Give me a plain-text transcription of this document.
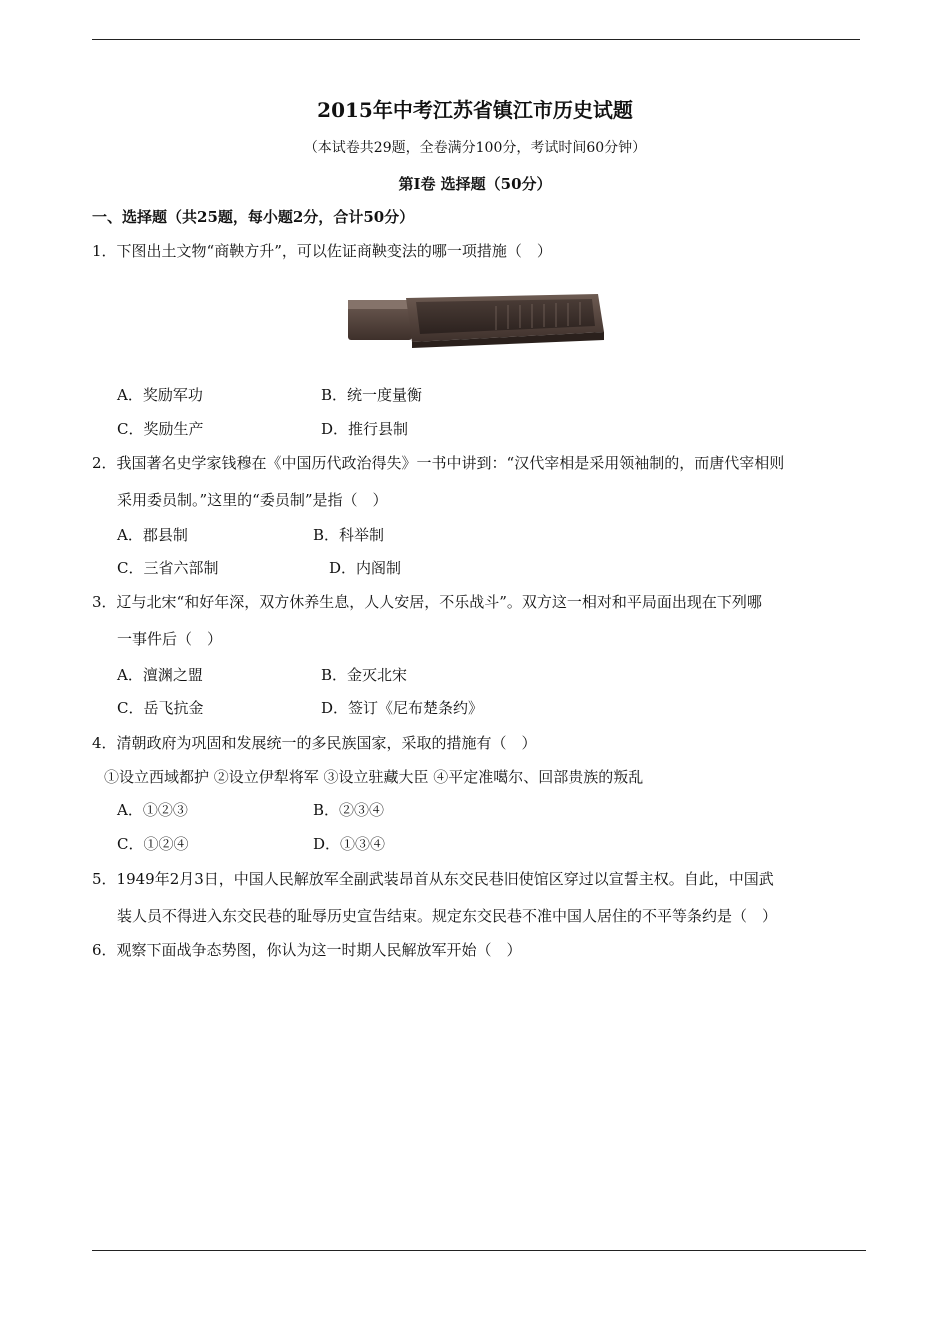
2015年中考江苏省镇江市历史试题
（本试卷共29题，全卷满分100分，考试时间60分钟）
第I卷 选择题（50分）
一、选择题（共25题，每小题2分，合计50分）
1．下图出土文物“商鞅方升”，可以佐证商鞅变法的哪一项措施（　）
A．奖励军功	B．统一度量衡
C．奖励生产	D．推行县制
2．我国著名史学家钱穆在《中国历代政治得失》一书中讲到：“汉代宰相是采用领袖制的，而唐代宰相则
采用委员制。”这里的“委员制”是指（　）
A．郡县制	B．科举制
C．三省六部制	D．内阁制
3．辽与北宋“和好年深，双方休养生息，人人安居，不乐战斗”。双方这一相对和平局面出现在下列哪
一事件后（　）
A．澶渊之盟	B．金灭北宋
C．岳飞抗金	D．签订《尼布楚条约》
4．清朝政府为巩固和发展统一的多民族国家，采取的措施有（　）
①设立西域都护 ②设立伊犁将军 ③设立驻藏大臣 ④平定准噶尔、回部贵族的叛乱
A．①②③	B．②③④
C．①②④	D．①③④
5．1949年2月3日，中国人民解放军全副武装昂首从东交民巷旧使馆区穿过以宣誓主权。自此，中国武
装人员不得进入东交民巷的耻辱历史宣告结束。规定东交民巷不准中国人居住的不平等条约是（　）
6．观察下面战争态势图，你认为这一时期人民解放军开始（　）
